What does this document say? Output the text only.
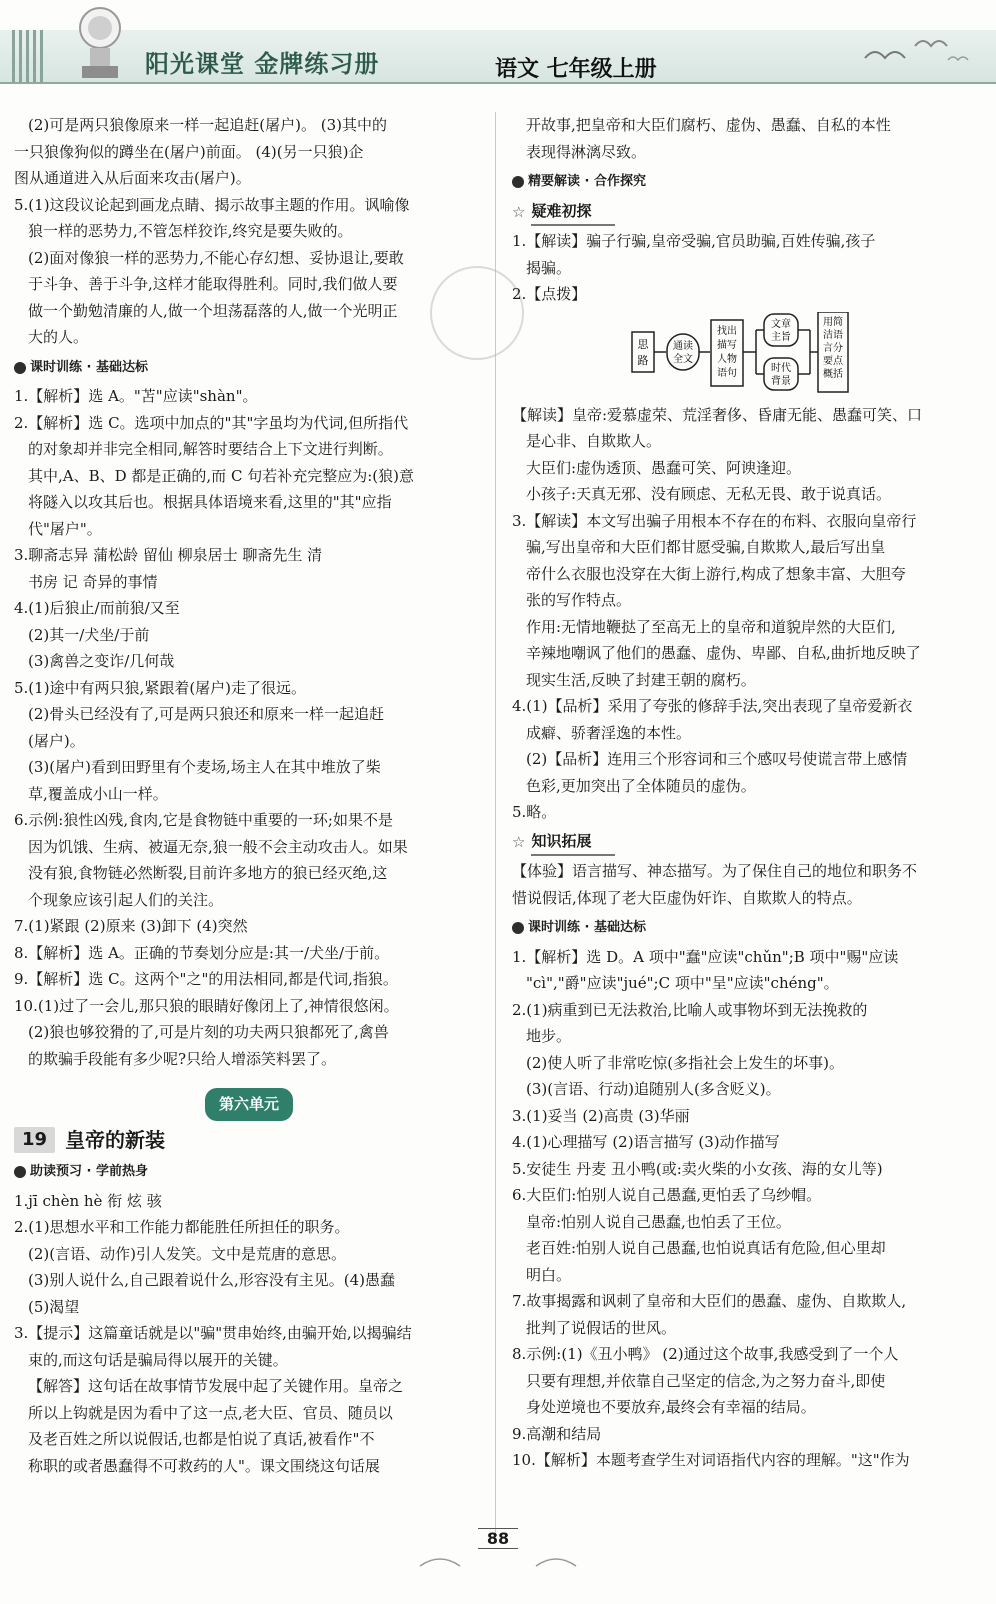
阳光课堂 金牌练习册	语文 七年级上册

(2)可是两只狼像原来一样一起追赶(屠户)。 (3)其中的

一只狼像狗似的蹲坐在(屠户)前面。 (4)(另一只狼)企

图从通道进入从后面来攻击(屠户)。

5.(1)这段议论起到画龙点睛、揭示故事主题的作用。讽喻像

狼一样的恶势力,不管怎样狡诈,终究是要失败的。

(2)面对像狼一样的恶势力,不能心存幻想、妥协退让,要敢

于斗争、善于斗争,这样才能取得胜利。同时,我们做人要

做一个勤勉清廉的人,做一个坦荡磊落的人,做一个光明正

大的人。

课时训练 · 基础达标

1.【解析】选 A。"苫"应读"shàn"。

2.【解析】选 C。选项中加点的"其"字虽均为代词,但所指代

的对象却并非完全相同,解答时要结合上下文进行判断。

其中,A、B、D 都是正确的,而 C 句若补充完整应为:(狼)意

将隧入以攻其后也。根据具体语境来看,这里的"其"应指

代"屠户"。

3.聊斋志异 蒲松龄 留仙 柳泉居士 聊斋先生 清

书房 记 奇异的事情

4.(1)后狼止/而前狼/又至

(2)其一/犬坐/于前

(3)禽兽之变诈/几何哉

5.(1)途中有两只狼,紧跟着(屠户)走了很远。

(2)骨头已经没有了,可是两只狼还和原来一样一起追赶

(屠户)。

(3)(屠户)看到田野里有个麦场,场主人在其中堆放了柴

草,覆盖成小山一样。

6.示例:狼性凶残,食肉,它是食物链中重要的一环;如果不是

因为饥饿、生病、被逼无奈,狼一般不会主动攻击人。如果

没有狼,食物链必然断裂,目前许多地方的狼已经灭绝,这

个现象应该引起人们的关注。

7.(1)紧跟 (2)原来 (3)卸下 (4)突然

8.【解析】选 A。正确的节奏划分应是:其一/犬坐/于前。

9.【解析】选 C。这两个"之"的用法相同,都是代词,指狼。

10.(1)过了一会儿,那只狼的眼睛好像闭上了,神情很悠闲。

(2)狼也够狡猾的了,可是片刻的功夫两只狼都死了,禽兽

的欺骗手段能有多少呢?只给人增添笑料罢了。

第六单元
19 皇帝的新装
助读预习 · 学前热身

1.jī chèn hè 衔 炫 骇

2.(1)思想水平和工作能力都能胜任所担任的职务。

(2)(言语、动作)引人发笑。文中是荒唐的意思。

(3)别人说什么,自己跟着说什么,形容没有主见。(4)愚蠢

(5)渴望

3.【提示】这篇童话就是以"骗"贯串始终,由骗开始,以揭骗结

束的,而这句话是骗局得以展开的关键。

【解答】这句话在故事情节发展中起了关键作用。皇帝之

所以上钩就是因为看中了这一点,老大臣、官员、随员以

及老百姓之所以说假话,也都是怕说了真话,被看作"不

称职的或者愚蠢得不可救药的人"。课文围绕这句话展

开故事,把皇帝和大臣们腐朽、虚伪、愚蠢、自私的本性

表现得淋漓尽致。

精要解读 · 合作探究
☆ 疑难初探

1.【解读】骗子行骗,皇帝受骗,官员助骗,百姓传骗,孩子

揭骗。

2.【点拨】

思
路
通读
全文
找出
描写
人物
语句
文章
主旨
时代
背景
用简
洁语
言分
要点
概括

【解读】皇帝:爱慕虚荣、荒淫奢侈、昏庸无能、愚蠢可笑、口

是心非、自欺欺人。

大臣们:虚伪透顶、愚蠢可笑、阿谀逢迎。

小孩子:天真无邪、没有顾虑、无私无畏、敢于说真话。

3.【解读】本文写出骗子用根本不存在的布料、衣服向皇帝行

骗,写出皇帝和大臣们都甘愿受骗,自欺欺人,最后写出皇

帝什么衣服也没穿在大街上游行,构成了想象丰富、大胆夸

张的写作特点。

作用:无情地鞭挞了至高无上的皇帝和道貌岸然的大臣们,

辛辣地嘲讽了他们的愚蠢、虚伪、卑鄙、自私,曲折地反映了

现实生活,反映了封建王朝的腐朽。

4.(1)【品析】采用了夸张的修辞手法,突出表现了皇帝爱新衣

成癖、骄奢淫逸的本性。

(2)【品析】连用三个形容词和三个感叹号使谎言带上感情

色彩,更加突出了全体随员的虚伪。

5.略。

☆ 知识拓展

【体验】语言描写、神态描写。为了保住自己的地位和职务不

惜说假话,体现了老大臣虚伪奸诈、自欺欺人的特点。

课时训练 · 基础达标

1.【解析】选 D。A 项中"蠢"应读"chǔn";B 项中"赐"应读

"cì","爵"应读"jué";C 项中"呈"应读"chéng"。

2.(1)病重到已无法救治,比喻人或事物坏到无法挽救的

地步。

(2)使人听了非常吃惊(多指社会上发生的坏事)。

(3)(言语、行动)追随别人(多含贬义)。

3.(1)妥当 (2)高贵 (3)华丽

4.(1)心理描写 (2)语言描写 (3)动作描写

5.安徒生 丹麦 丑小鸭(或:卖火柴的小女孩、海的女儿等)

6.大臣们:怕别人说自己愚蠢,更怕丢了乌纱帽。

皇帝:怕别人说自己愚蠢,也怕丢了王位。

老百姓:怕别人说自己愚蠢,也怕说真话有危险,但心里却

明白。

7.故事揭露和讽刺了皇帝和大臣们的愚蠢、虚伪、自欺欺人,

批判了说假话的世风。

8.示例:(1)《丑小鸭》 (2)通过这个故事,我感受到了一个人

只要有理想,并依靠自己坚定的信念,为之努力奋斗,即使

身处逆境也不要放弃,最终会有幸福的结局。

9.高潮和结局

10.【解析】本题考查学生对词语指代内容的理解。"这"作为

88
